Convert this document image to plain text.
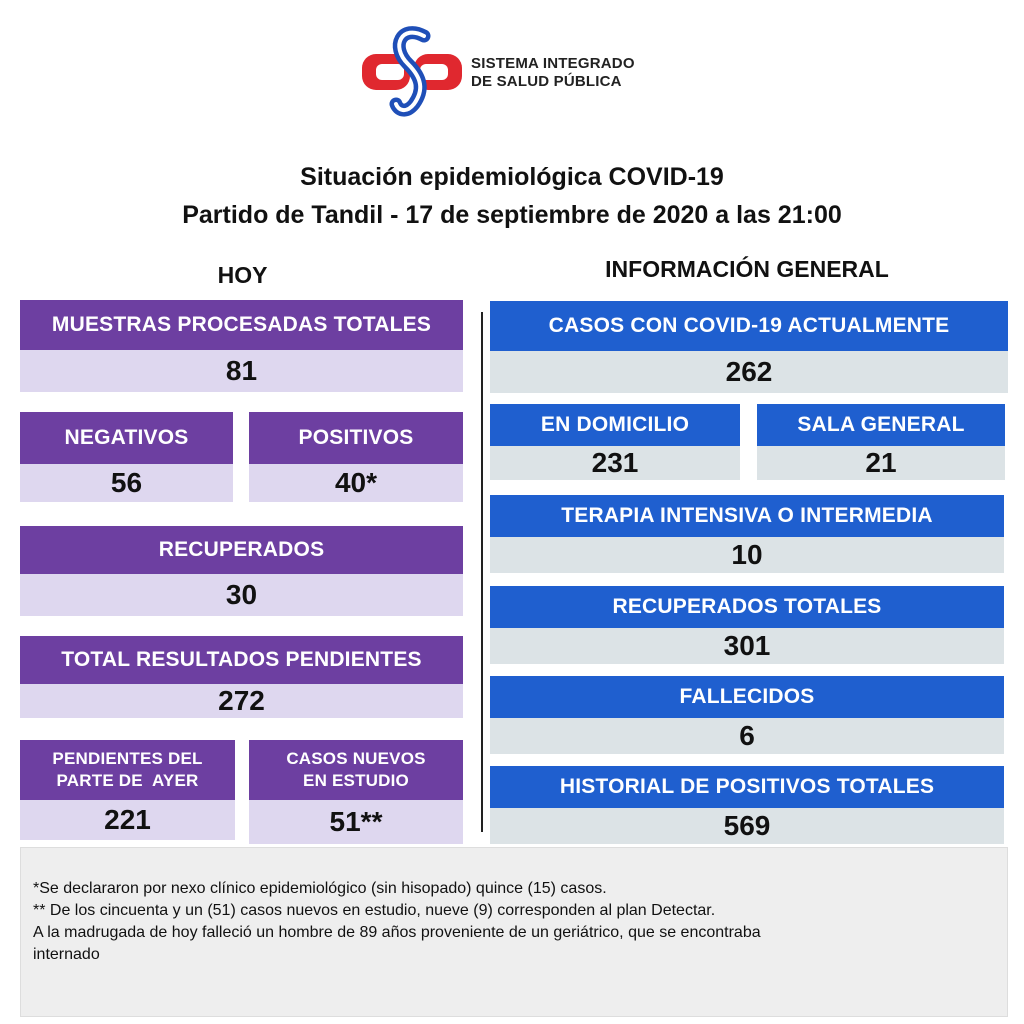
SISTEMA INTEGRADO
DE SALUD PÚBLICA
Situación epidemiológica COVID-19
Partido de Tandil - 17 de septiembre de 2020 a las 21:00
HOY	INFORMACIÓN GENERAL
MUESTRAS PROCESADAS TOTALES
81
NEGATIVOS
56
POSITIVOS
40*
RECUPERADOS
30
TOTAL RESULTADOS PENDIENTES
272
PENDIENTES DEL
PARTE DE  AYER
221
CASOS NUEVOS
EN ESTUDIO
51**
CASOS CON COVID-19 ACTUALMENTE
262
EN DOMICILIO
231
SALA GENERAL
21
TERAPIA INTENSIVA O INTERMEDIA
10
RECUPERADOS TOTALES
301
FALLECIDOS
6
HISTORIAL DE POSITIVOS TOTALES
569
*Se declararon por nexo clínico epidemiológico (sin hisopado) quince (15) casos.
** De los cincuenta y un (51) casos nuevos en estudio, nueve (9) corresponden al plan Detectar.
A la madrugada de hoy falleció un hombre de 89 años proveniente de un geriátrico, que se encontraba
internado
